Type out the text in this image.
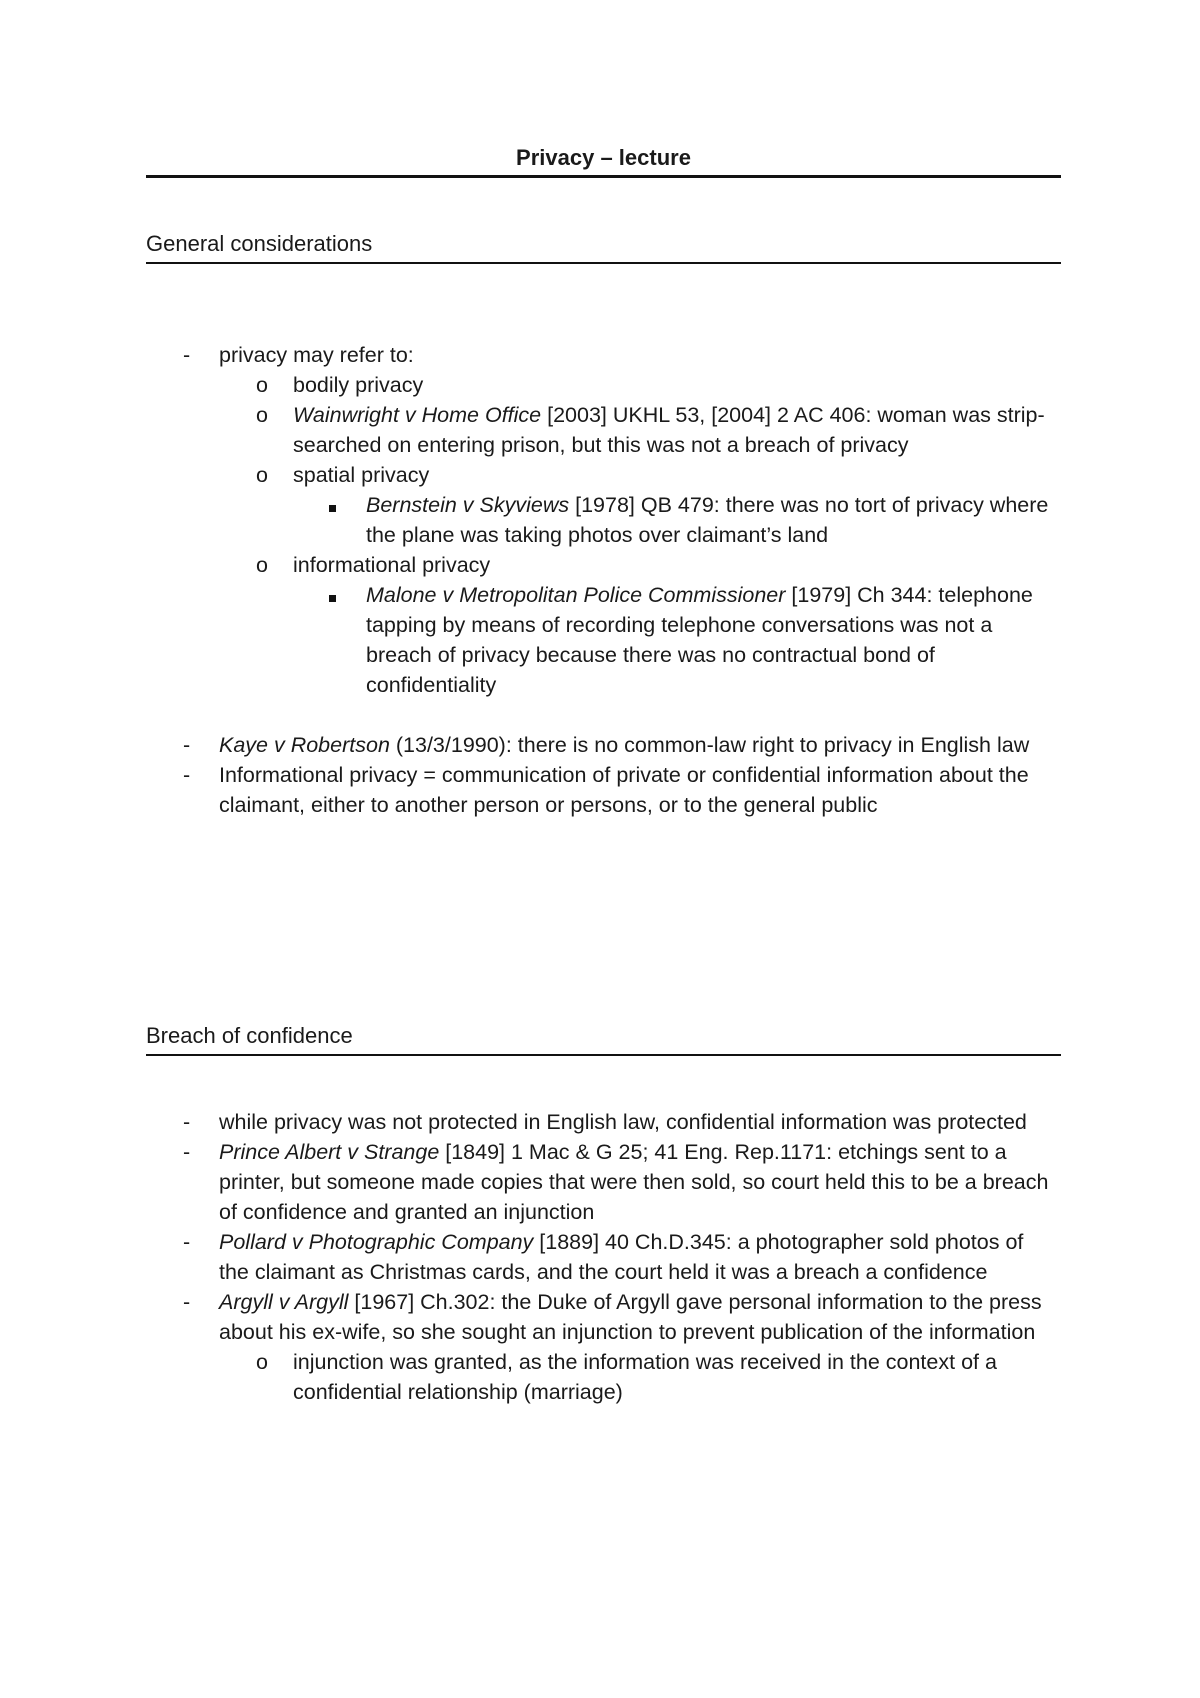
Privacy – lecture
General considerations
- privacy may refer to:
o bodily privacy
o Wainwright v Home Office [2003] UKHL 53, [2004] 2 AC 406: woman was strip-searched on entering prison, but this was not a breach of privacy
o spatial privacy
Bernstein v Skyviews [1978] QB 479: there was no tort of privacy where the plane was taking photos over claimant’s land
o informational privacy
Malone v Metropolitan Police Commissioner [1979] Ch 344: telephone tapping by means of recording telephone conversations was not a breach of privacy because there was no contractual bond of confidentiality
- Kaye v Robertson (13/3/1990): there is no common-law right to privacy in English law
- Informational privacy = communication of private or confidential information about the claimant, either to another person or persons, or to the general public
Breach of confidence
- while privacy was not protected in English law, confidential information was protected
- Prince Albert v Strange [1849] 1 Mac & G 25; 41 Eng. Rep.1171: etchings sent to a printer, but someone made copies that were then sold, so court held this to be a breach of confidence and granted an injunction
- Pollard v Photographic Company [1889] 40 Ch.D.345: a photographer sold photos of the claimant as Christmas cards, and the court held it was a breach a confidence
- Argyll v Argyll [1967] Ch.302: the Duke of Argyll gave personal information to the press about his ex-wife, so she sought an injunction to prevent publication of the information
o injunction was granted, as the information was received in the context of a confidential relationship (marriage)
